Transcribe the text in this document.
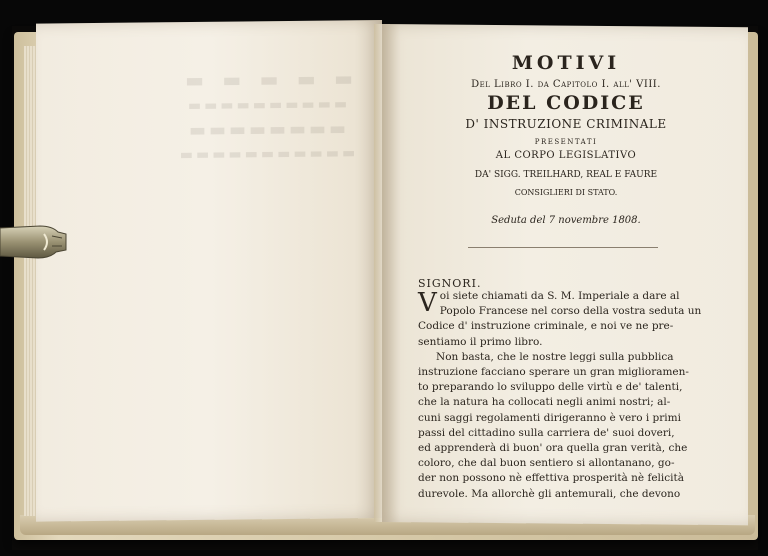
▬ ▬ ▬ ▬ ▬
▬▬▬▬▬▬▬▬▬▬
▬▬▬▬▬▬▬▬
▬▬▬▬▬▬▬▬▬▬▬
MOTIVI
Del Libro I. da Capitolo I. all' VIII.
DEL CODICE
D' INSTRUZIONE CRIMINALE
PRESENTATI
AL CORPO LEGISLATIVO
DA' SIGG. TREILHARD, REAL E FAURE
CONSIGLIERI DI STATO.
Seduta del 7 novembre 1808.
SIGNORI.
V oi siete chiamati da S. M. Imperiale a dare al
Popolo Francese nel corso della vostra seduta un
Codice d' instruzione criminale, e noi ve ne pre-
sentiamo il primo libro.
Non basta, che le nostre leggi sulla pubblica
instruzione facciano sperare un gran miglioramen-
to preparando lo sviluppo delle virtù e de' talenti,
che la natura ha collocati negli animi nostri; al-
cuni saggi regolamenti dirigeranno è vero i primi
passi del cittadino sulla carriera de' suoi doveri,
ed apprenderà di buon' ora quella gran verità, che
coloro, che dal buon sentiero si allontanano, go-
der non possono nè effettiva prosperità nè felicità
durevole. Ma allorchè gli antemurali, che devono
